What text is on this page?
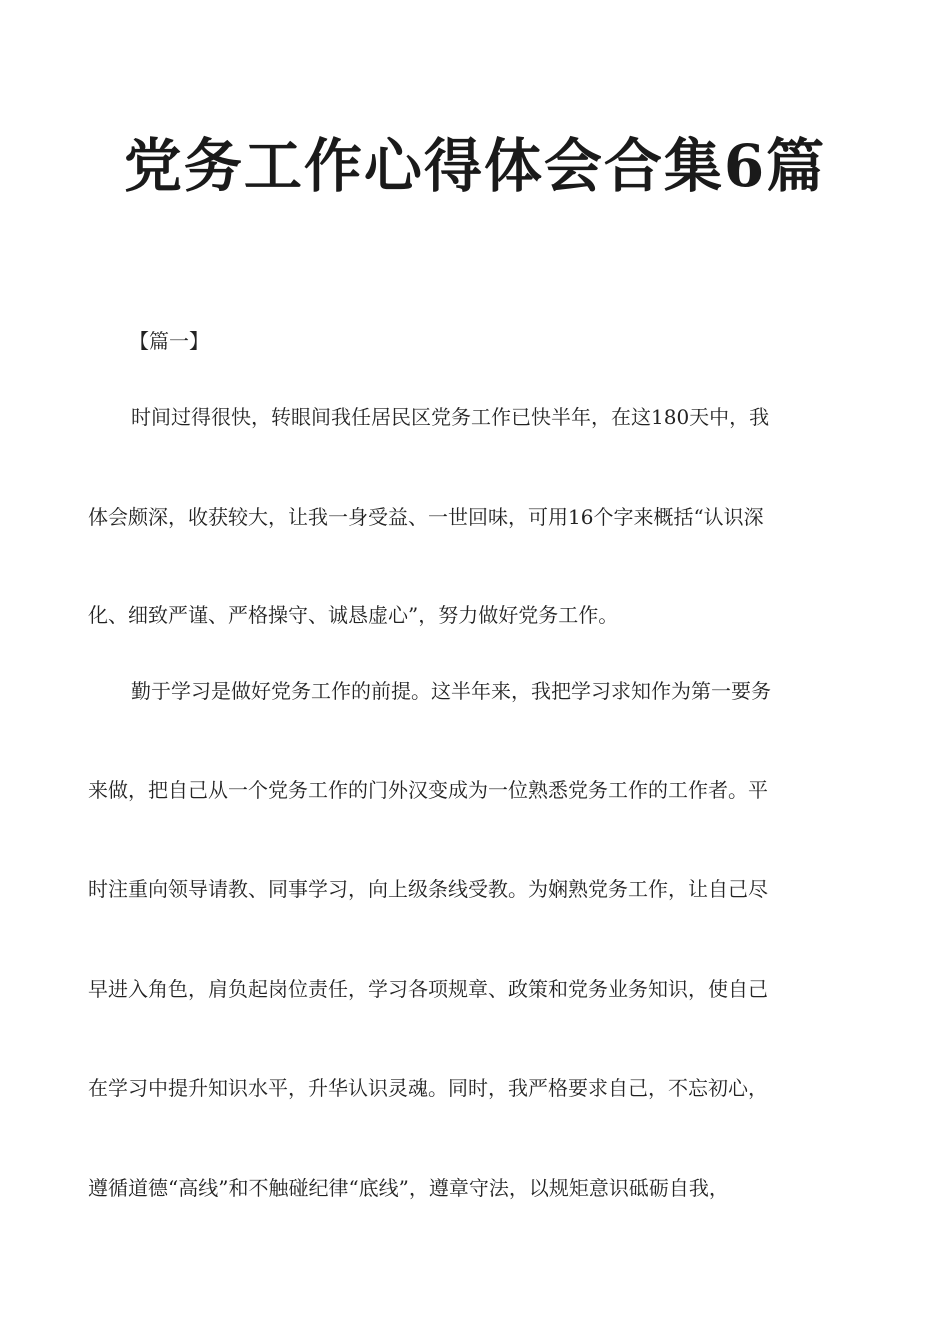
党务工作心得体会合集6篇
【篇一】
时间过得很快，转眼间我任居民区党务工作已快半年，在这180天中，我
体会颇深，收获较大，让我一身受益、一世回味，可用16个字来概括“认识深
化、细致严谨、严格操守、诚恳虚心”，努力做好党务工作。
勤于学习是做好党务工作的前提。这半年来，我把学习求知作为第一要务
来做，把自己从一个党务工作的门外汉变成为一位熟悉党务工作的工作者。平
时注重向领导请教、同事学习，向上级条线受教。为娴熟党务工作，让自己尽
早进入角色，肩负起岗位责任，学习各项规章、政策和党务业务知识，使自己
在学习中提升知识水平，升华认识灵魂。同时，我严格要求自己，不忘初心，
遵循道德“高线”和不触碰纪律“底线”，遵章守法，以规矩意识砥砺自我，
